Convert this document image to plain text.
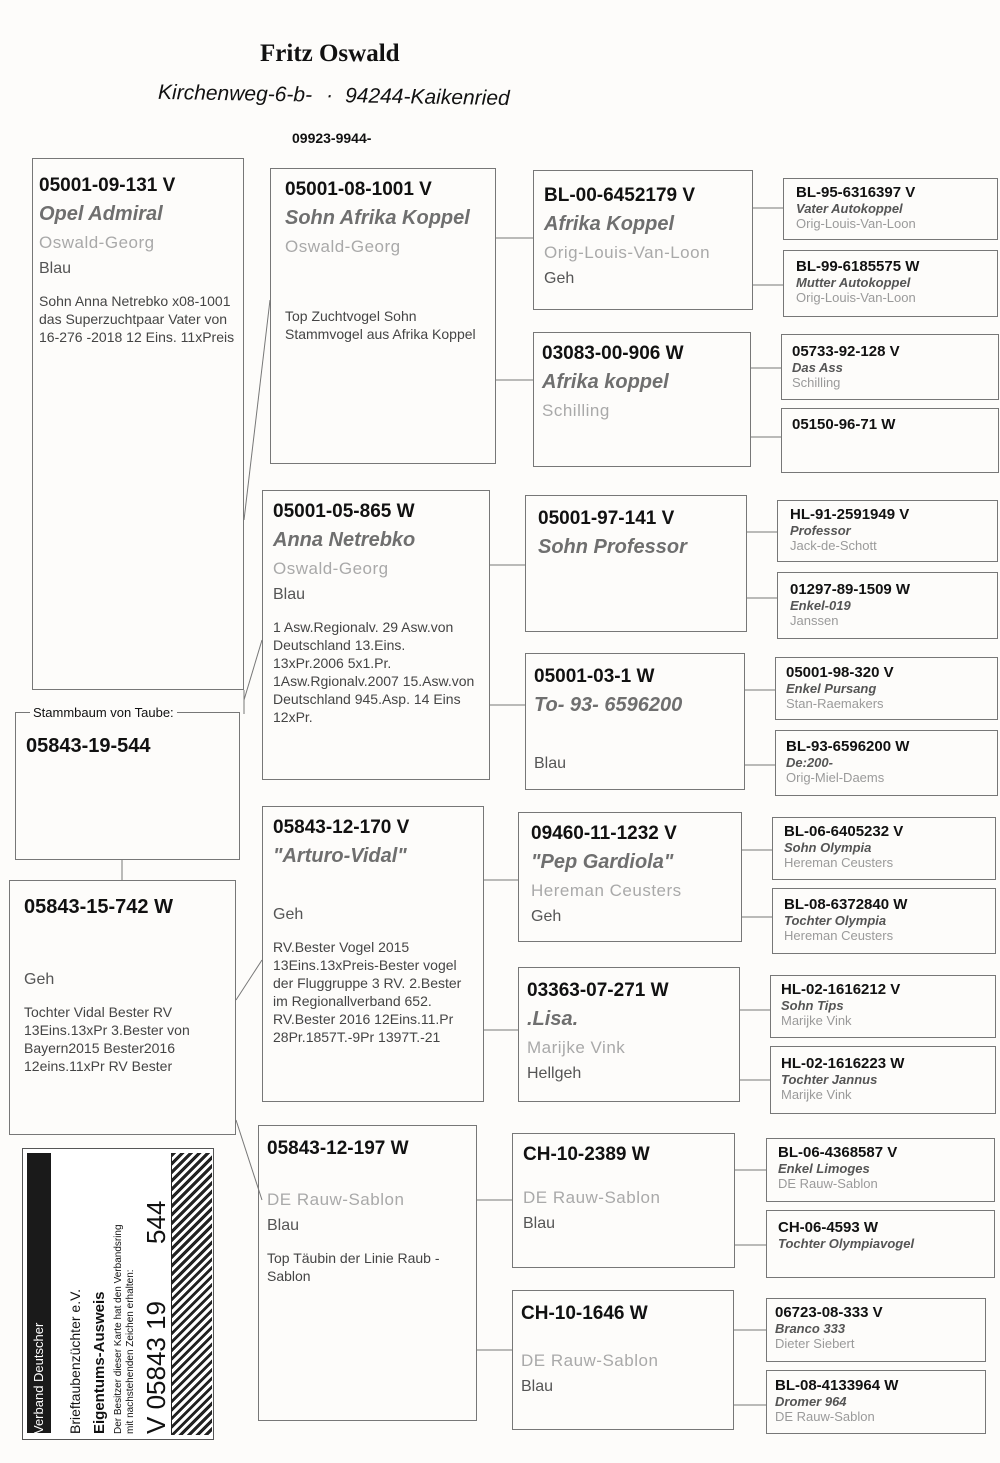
Fritz Oswald
Kirchenweg-6-b- · 94244-Kaikenried
09923-9944-
05001-09-131 V
Opel Admiral
Oswald-Georg
Blau
Sohn Anna Netrebko x08-1001 das Superzuchtpaar Vater von 16-276 -2018 12 Eins. 11xPreis
05843-19-544
Stammbaum von Taube:
05843-15-742 W
Geh
Tochter Vidal Bester RV 13Eins.13xPr 3.Bester von Bayern2015 Bester2016 12eins.11xPr RV Bester
05001-08-1001 V
Sohn Afrika Koppel
Oswald-Georg
Top Zuchtvogel Sohn Stammvogel aus Afrika Koppel
05001-05-865 W
Anna Netrebko
Oswald-Georg
Blau
1 Asw.Regionalv. 29 Asw.von Deutschland 13.Eins. 13xPr.2006 5x1.Pr. 1Asw.Rgionalv.2007 15.Asw.von Deutschland 945.Asp. 14 Eins 12xPr.
05843-12-170 V
"Arturo-Vidal"
Geh
RV.Bester Vogel 2015 13Eins.13xPreis-Bester vogel der Fluggruppe 3 RV. 2.Bester im Regionallverband 652. RV.Bester 2016 12Eins.11.Pr 28Pr.1857T.-9Pr 1397T.-21
05843-12-197 W
DE Rauw-Sablon
Blau
Top Täubin der Linie Raub -Sablon
BL-00-6452179 V
Afrika Koppel
Orig-Louis-Van-Loon
Geh
03083-00-906 W
Afrika koppel
Schilling
05001-97-141 V
Sohn Professor
05001-03-1 W
To- 93- 6596200
Blau
09460-11-1232 V
"Pep Gardiola"
Hereman Ceusters
Geh
03363-07-271 W
.Lisa.
Marijke Vink
Hellgeh
CH-10-2389 W
DE Rauw-Sablon
Blau
CH-10-1646 W
DE Rauw-Sablon
Blau
BL-95-6316397 V
Vater Autokoppel
Orig-Louis-Van-Loon
BL-99-6185575 W
Mutter Autokoppel
Orig-Louis-Van-Loon
05733-92-128 V
Das Ass
Schilling
05150-96-71 W
HL-91-2591949 V
Professor
Jack-de-Schott
01297-89-1509 W
Enkel-019
Janssen
05001-98-320 V
Enkel Pursang
Stan-Raemakers
BL-93-6596200 W
De:200-
Orig-Miel-Daems
BL-06-6405232 V
Sohn Olympia
Hereman Ceusters
BL-08-6372840 W
Tochter Olympia
Hereman Ceusters
HL-02-1616212 V
Sohn Tips
Marijke Vink
HL-02-1616223 W
Tochter Jannus
Marijke Vink
BL-06-4368587 V
Enkel Limoges
DE Rauw-Sablon
CH-06-4593 W
Tochter Olympiavogel
06723-08-333 V
Branco 333
Dieter Siebert
BL-08-4133964 W
Dromer 964
DE Rauw-Sablon
Verband Deutscher Brieftaubenzüchter e.V. Eigentums-Ausweis Der Besitzer dieser Karte hat den Verbandsring mit nachstehenden Zeichen erhalten: V 05843 19
544
